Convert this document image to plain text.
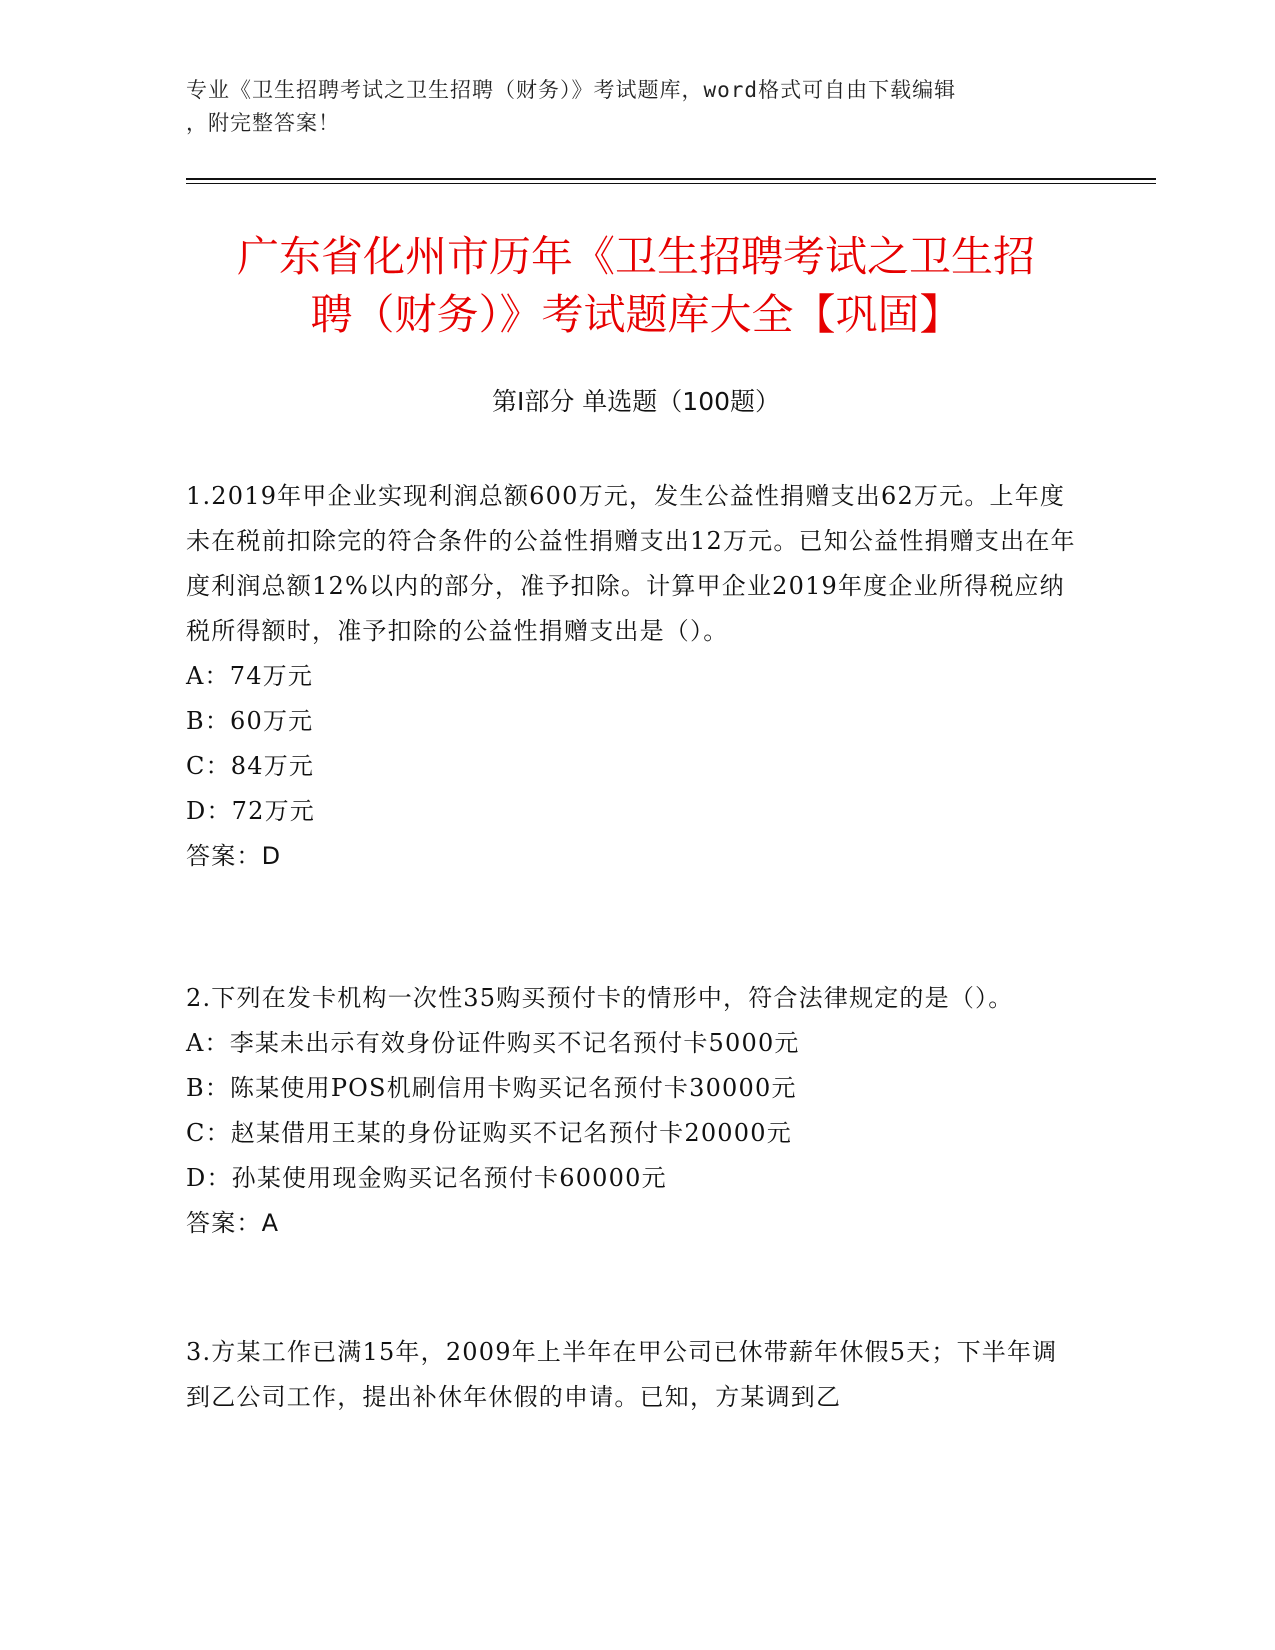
专业《卫生招聘考试之卫生招聘（财务）》考试题库，word格式可自由下载编辑
，附完整答案！
广东省化州市历年《卫生招聘考试之卫生招
聘（财务）》考试题库大全【巩固】
第Ⅰ部分 单选题（100题）
1.2019年甲企业实现利润总额600万元，发生公益性捐赠支出62万元。上年度未在税前扣除完的符合条件的公益性捐赠支出12万元。已知公益性捐赠支出在年度利润总额12%以内的部分，准予扣除。计算甲企业2019年度企业所得税应纳税所得额时，准予扣除的公益性捐赠支出是（）。
A：74万元
B：60万元
C：84万元
D：72万元
答案：D
2.下列在发卡机构一次性35购买预付卡的情形中，符合法律规定的是（）。
A：李某未出示有效身份证件购买不记名预付卡5000元
B：陈某使用POS机刷信用卡购买记名预付卡30000元
C：赵某借用王某的身份证购买不记名预付卡20000元
D：孙某使用现金购买记名预付卡60000元
答案：A
3.方某工作已满15年，2009年上半年在甲公司已休带薪年休假5天；下半年调到乙公司工作，提出补休年休假的申请。已知，方某调到乙
